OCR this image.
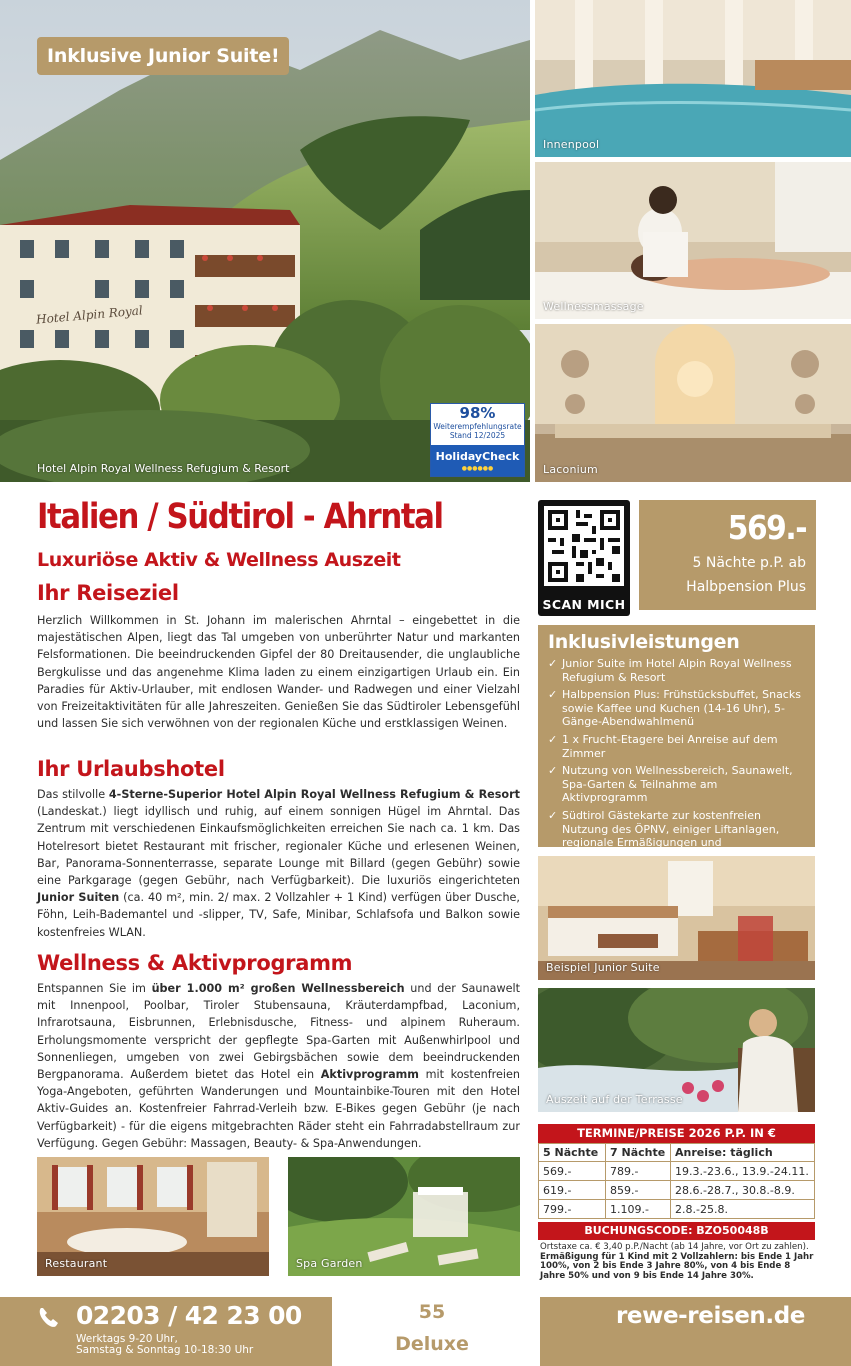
Hotel Alpin Royal
Inklusive Junior Suite!
Hotel Alpin Royal Wellness Refugium & Resort
98%
Weiterempfehlungsrate
Stand 12/2025
HolidayCheck
●●●●●●
Innenpool
Wellnessmassage
Laconium
Italien / Südtirol - Ahrntal
Luxuriöse Aktiv & Wellness Auszeit
SCAN MICH
569.-
5 Nächte p.P. ab
Halbpension Plus
Ihr Reiseziel

Herzlich Willkommen in St. Johann im malerischen Ahrntal – eingebettet in die majestätischen Alpen, liegt das Tal umgeben von unberührter Natur und markanten Felsformationen. Die beeindruckenden Gipfel der 80 Dreitausender, die unglaubliche Bergkulisse und das angenehme Klima laden zu einem einzigartigen Urlaub ein. Ein Paradies für Aktiv-Urlauber, mit endlosen Wander- und Radwegen und einer Vielzahl von Freizeitaktivitäten für alle Jahreszeiten. Genießen Sie das Südtiroler Lebensgefühl und lassen Sie sich verwöhnen von der regionalen Küche und erstklassigen Weinen.

Ihr Urlaubshotel

Das stilvolle 4-Sterne-Superior Hotel Alpin Royal Wellness Refugium & Resort (Landeskat.) liegt idyllisch und ruhig, auf einem sonnigen Hügel im Ahrntal. Das Zentrum mit verschiedenen Einkaufsmöglichkeiten erreichen Sie nach ca. 1 km. Das Hotelresort bietet Restaurant mit frischer, regionaler Küche und erlesenen Weinen, Bar, Panorama-Sonnenterrasse, separate Lounge mit Billard (gegen Gebühr) sowie eine Parkgarage (gegen Gebühr, nach Verfügbarkeit). Die luxuriös eingerichteten Junior Suiten (ca. 40 m², min. 2/ max. 2 Vollzahler + 1 Kind) verfügen über Dusche, Föhn, Leih-Bademantel und -slipper, TV, Safe, Minibar, Schlafsofa und Balkon sowie kostenfreies WLAN.

Wellness & Aktivprogramm

Entspannen Sie im über 1.000 m² großen Wellnessbereich und der Saunawelt mit Innenpool, Poolbar, Tiroler Stubensauna, Kräuterdampfbad, Laconium, Infrarotsauna, Eisbrunnen, Erlebnisdusche, Fitness- und alpinem Ruheraum. Erholungsmomente verspricht der gepflegte Spa-Garten mit Außenwhirlpool und Sonnenliegen, umgeben von zwei Gebirgsbächen sowie dem beeindruckenden Bergpanorama. Außerdem bietet das Hotel ein Aktivprogramm mit kostenfreien Yoga-Angeboten, geführten Wanderungen und Mountainbike-Touren mit den Hotel Aktiv-Guides an. Kostenfreier Fahrrad-Verleih bzw. E-Bikes gegen Gebühr (je nach Verfügbarkeit) - für die eigens mitgebrachten Räder steht ein Fahrradabstellraum zur Verfügung. Gegen Gebühr: Massagen, Beauty- & Spa-Anwendungen.

Inklusivleistungen
✓ Junior Suite im Hotel Alpin Royal Wellness Refugium & Resort
✓ Halbpension Plus: Frühstücksbuffet, Snacks sowie Kaffee und Kuchen (14-16 Uhr), 5-Gänge-Abendwahlmenü
✓ 1 x Frucht-Etagere bei Anreise auf dem Zimmer
✓ Nutzung von Wellnessbereich, Saunawelt, Spa-Garten & Teilnahme am Aktivprogramm
✓ Südtirol Gästekarte zur kostenfreien Nutzung des ÖPNV, einiger Liftanlagen, regionale Ermäßigungen und
Beispiel Junior Suite
Auszeit auf der Terrasse
TERMINE/PREISE 2026 P.P. IN €
5 Nächte	7 Nächte	Anreise: täglich
569.-	789.-	19.3.-23.6., 13.9.-24.11.
619.-	859.-	28.6.-28.7., 30.8.-8.9.
799.-	1.109.-	2.8.-25.8.
BUCHUNGSCODE: BZO50048B
Ortstaxe ca. € 3,40 p.P./Nacht (ab 14 Jahre, vor Ort zu zahlen).
Ermäßigung für 1 Kind mit 2 Vollzahlern: bis Ende 1 Jahr 100%, von 2 bis Ende 3 Jahre 80%, von 4 bis Ende 8 Jahre 50% und von 9 bis Ende 14 Jahre 30%.
Restaurant	Spa Garden
02203 / 42 23 00
Werktags 9-20 Uhr,
Samstag & Sonntag 10-18:30 Uhr
55
Deluxe
rewe-reisen.de
